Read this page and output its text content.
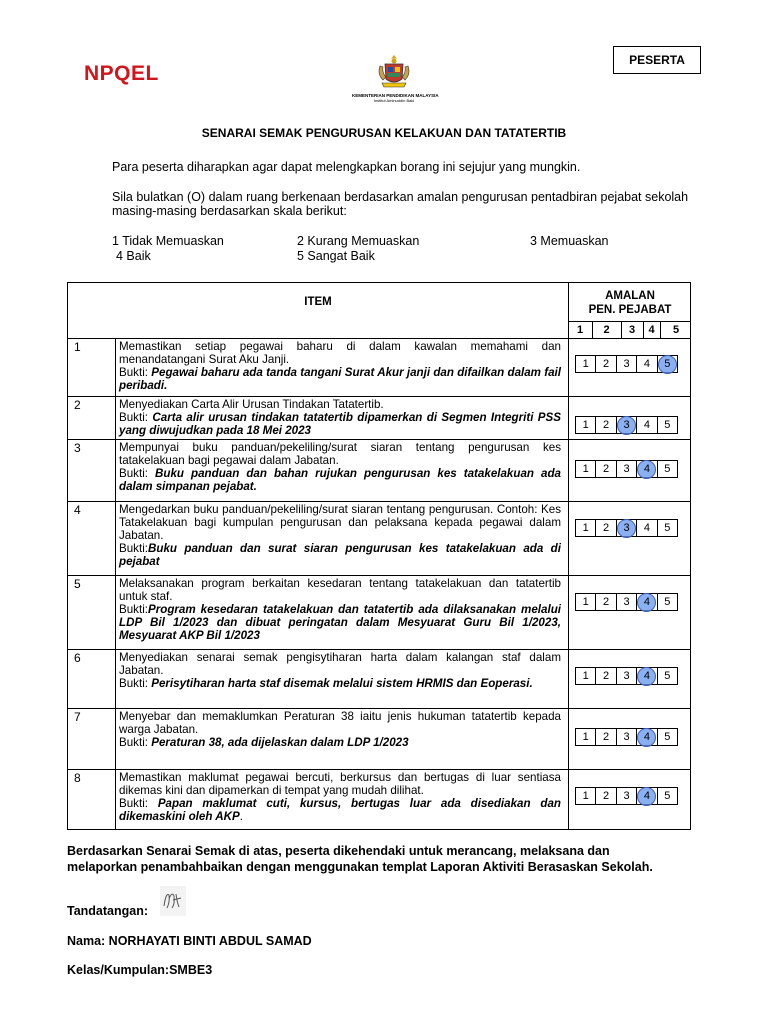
NPQEL
KEMENTERIAN PENDIDIKAN MALAYSIA
Institut Aminuddin Baki
PESERTA
SENARAI SEMAK PENGURUSAN KELAKUAN DAN TATATERTIB
Para peserta diharapkan agar dapat melengkapkan borang ini sejujur yang mungkin.
Sila bulatkan (O) dalam ruang berkenaan berdasarkan amalan pengurusan pentadbiran pejabat sekolah masing-masing berdasarkan skala berikut:
1 Tidak Memuaskan	2 Kurang Memuaskan	3 Memuaskan
4 Baik	5 Sangat Baik
ITEM	AMALAN
PEN. PEJABAT
1	2	3	4	5
1	Memastikan setiap pegawai baharu di dalam kawalan memahami dan menandatangani Surat Aku Janji.
Bukti: Pegawai baharu ada tanda tangani Surat Akur janji dan difailkan dalam fail peribadi.
1	2	3	4	5
2	Menyediakan Carta Alir Urusan Tindakan Tatatertib.
Bukti: Carta alir urusan tindakan tatatertib dipamerkan di Segmen Integriti PSS yang diwujudkan pada 18 Mei 2023	1	2	3	4	5
3	Mempunyai buku panduan/pekeliling/surat siaran tentang pengurusan kes tatakelakuan bagi pegawai dalam Jabatan.
Bukti: Buku panduan dan bahan rujukan pengurusan kes tatakelakuan ada dalam simpanan pejabat.
1	2	3	4	5
4	Mengedarkan buku panduan/pekeliling/surat siaran tentang pengurusan. Contoh: Kes Tatakelakuan bagi kumpulan pengurusan dan pelaksana kepada pegawai dalam Jabatan.
Bukti:Buku panduan dan surat siaran pengurusan kes tatakelakuan ada di pejabat
1	2	3	4	5
5	Melaksanakan program berkaitan kesedaran tentang tatakelakuan dan tatatertib untuk staf.
Bukti:Program kesedaran tatakelakuan dan tatatertib ada dilaksanakan melalui LDP Bil 1/2023 dan dibuat peringatan dalam Mesyuarat Guru Bil 1/2023, Mesyuarat AKP Bil 1/2023
1	2	3	4	5
6	Menyediakan senarai semak pengisytiharan harta dalam kalangan staf dalam Jabatan.
Bukti: Perisytiharan harta staf disemak melalui sistem HRMIS dan Eoperasi.
1	2	3	4	5
7	Menyebar dan memaklumkan Peraturan 38 iaitu jenis hukuman tatatertib kepada warga Jabatan.
Bukti: Peraturan 38, ada dijelaskan dalam LDP 1/2023	1	2	3	4	5
8	Memastikan maklumat pegawai bercuti, berkursus dan bertugas di luar sentiasa dikemas kini dan dipamerkan di tempat yang mudah dilihat.
Bukti: Papan maklumat cuti, kursus, bertugas luar ada disediakan dan dikemaskini oleh AKP.
1	2	3	4	5
Berdasarkan Senarai Semak di atas, peserta dikehendaki untuk merancang, melaksana dan melaporkan penambahbaikan dengan menggunakan templat Laporan Aktiviti Berasaskan Sekolah.
Tandatangan:
Nama: NORHAYATI BINTI ABDUL SAMAD
Kelas/Kumpulan:SMBE3
